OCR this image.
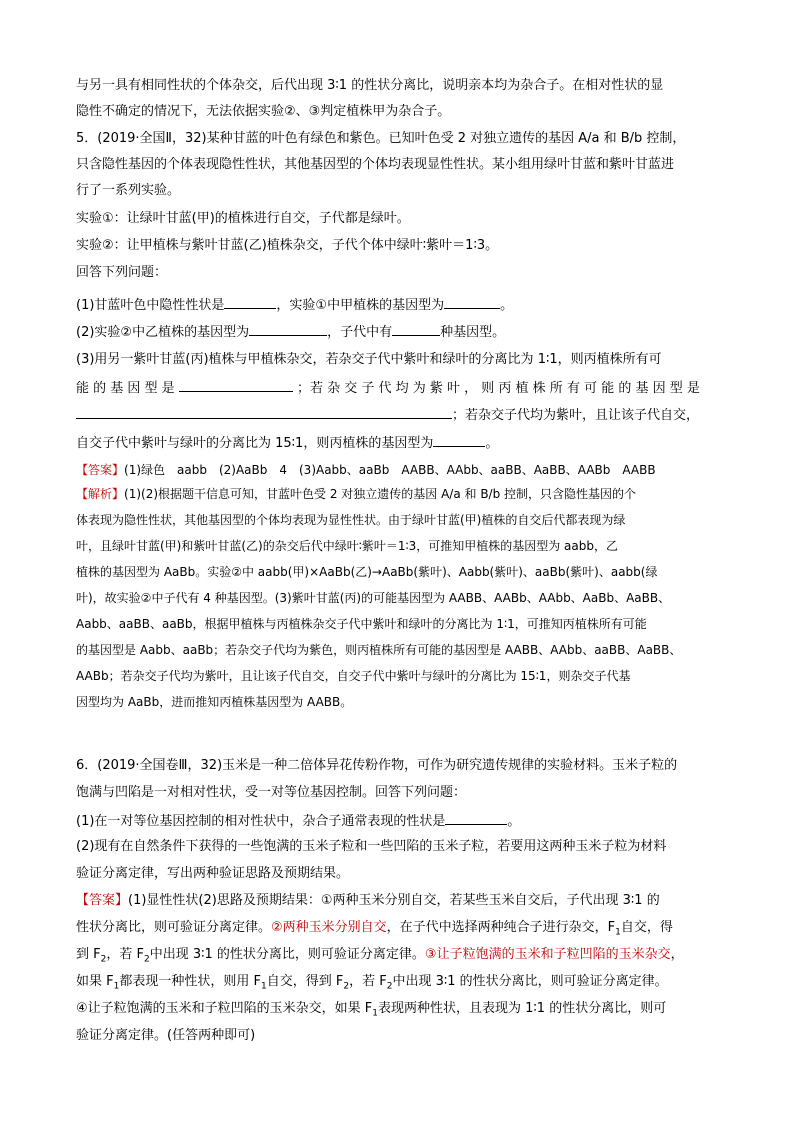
与另一具有相同性状的个体杂交，后代出现 3∶1 的性状分离比，说明亲本均为杂合子。在相对性状的显
隐性不确定的情况下，无法依据实验②、③判定植株甲为杂合子。
5．(2019·全国Ⅱ，32)某种甘蓝的叶色有绿色和紫色。已知叶色受 2 对独立遗传的基因 A/a 和 B/b 控制，
只含隐性基因的个体表现隐性性状，其他基因型的个体均表现显性性状。某小组用绿叶甘蓝和紫叶甘蓝进
行了一系列实验。
实验①：让绿叶甘蓝(甲)的植株进行自交，子代都是绿叶。
实验②：让甲植株与紫叶甘蓝(乙)植株杂交，子代个体中绿叶∶紫叶＝1∶3。
回答下列问题：
(1)甘蓝叶色中隐性性状是	，实验①中甲植株的基因型为	。
(2)实验②中乙植株的基因型为	，子代中有	种基因型。
(3)用另一紫叶甘蓝(丙)植株与甲植株杂交，若杂交子代中紫叶和绿叶的分离比为 1∶1，则丙植株所有可
能 的 基 因 型 是	；若 杂 交 子 代 均 为 紫 叶 ， 则 丙 植 株 所 有 可 能 的 基 因 型 是
；若杂交子代均为紫叶，且让该子代自交，
自交子代中紫叶与绿叶的分离比为 15∶1，则丙植株的基因型为	。
【答案】(1)绿色　aabb　(2)AaBb　4　(3)Aabb、aaBb　AABB、AAbb、aaBB、AaBB、AABb　AABB
【解析】(1)(2)根据题干信息可知，甘蓝叶色受 2 对独立遗传的基因 A/a 和 B/b 控制，只含隐性基因的个
体表现为隐性性状，其他基因型的个体均表现为显性性状。由于绿叶甘蓝(甲)植株的自交后代都表现为绿
叶，且绿叶甘蓝(甲)和紫叶甘蓝(乙)的杂交后代中绿叶∶紫叶＝1∶3，可推知甲植株的基因型为 aabb，乙
植株的基因型为 AaBb。实验②中 aabb(甲)×AaBb(乙)→AaBb(紫叶)、Aabb(紫叶)、aaBb(紫叶)、aabb(绿
叶)，故实验②中子代有 4 种基因型。(3)紫叶甘蓝(丙)的可能基因型为 AABB、AABb、AAbb、AaBb、AaBB、
Aabb、aaBB、aaBb，根据甲植株与丙植株杂交子代中紫叶和绿叶的分离比为 1∶1，可推知丙植株所有可能
的基因型是 Aabb、aaBb；若杂交子代均为紫色，则丙植株所有可能的基因型是 AABB、AAbb、aaBB、AaBB、
AABb；若杂交子代均为紫叶，且让该子代自交，自交子代中紫叶与绿叶的分离比为 15∶1，则杂交子代基
因型均为 AaBb，进而推知丙植株基因型为 AABB。
6．(2019·全国卷Ⅲ，32)玉米是一种二倍体异花传粉作物，可作为研究遗传规律的实验材料。玉米子粒的
饱满与凹陷是一对相对性状，受一对等位基因控制。回答下列问题：
(1)在一对等位基因控制的相对性状中，杂合子通常表现的性状是	。
(2)现有在自然条件下获得的一些饱满的玉米子粒和一些凹陷的玉米子粒，若要用这两种玉米子粒为材料
验证分离定律，写出两种验证思路及预期结果。
【答案】(1)显性性状(2)思路及预期结果：①两种玉米分别自交，若某些玉米自交后，子代出现 3∶1 的
性状分离比，则可验证分离定律。②两种玉米分别自交，在子代中选择两种纯合子进行杂交，$F_1$自交，得
到 $F_2$，若 $F_2$中出现 3∶1 的性状分离比，则可验证分离定律。③让子粒饱满的玉米和子粒凹陷的玉米杂交，
如果 $F_1$都表现一种性状，则用 $F_1$自交，得到 $F_2$，若 $F_2$中出现 3∶1 的性状分离比，则可验证分离定律。
④让子粒饱满的玉米和子粒凹陷的玉米杂交，如果 $F_1$表现两种性状，且表现为 1∶1 的性状分离比，则可
验证分离定律。(任答两种即可)
